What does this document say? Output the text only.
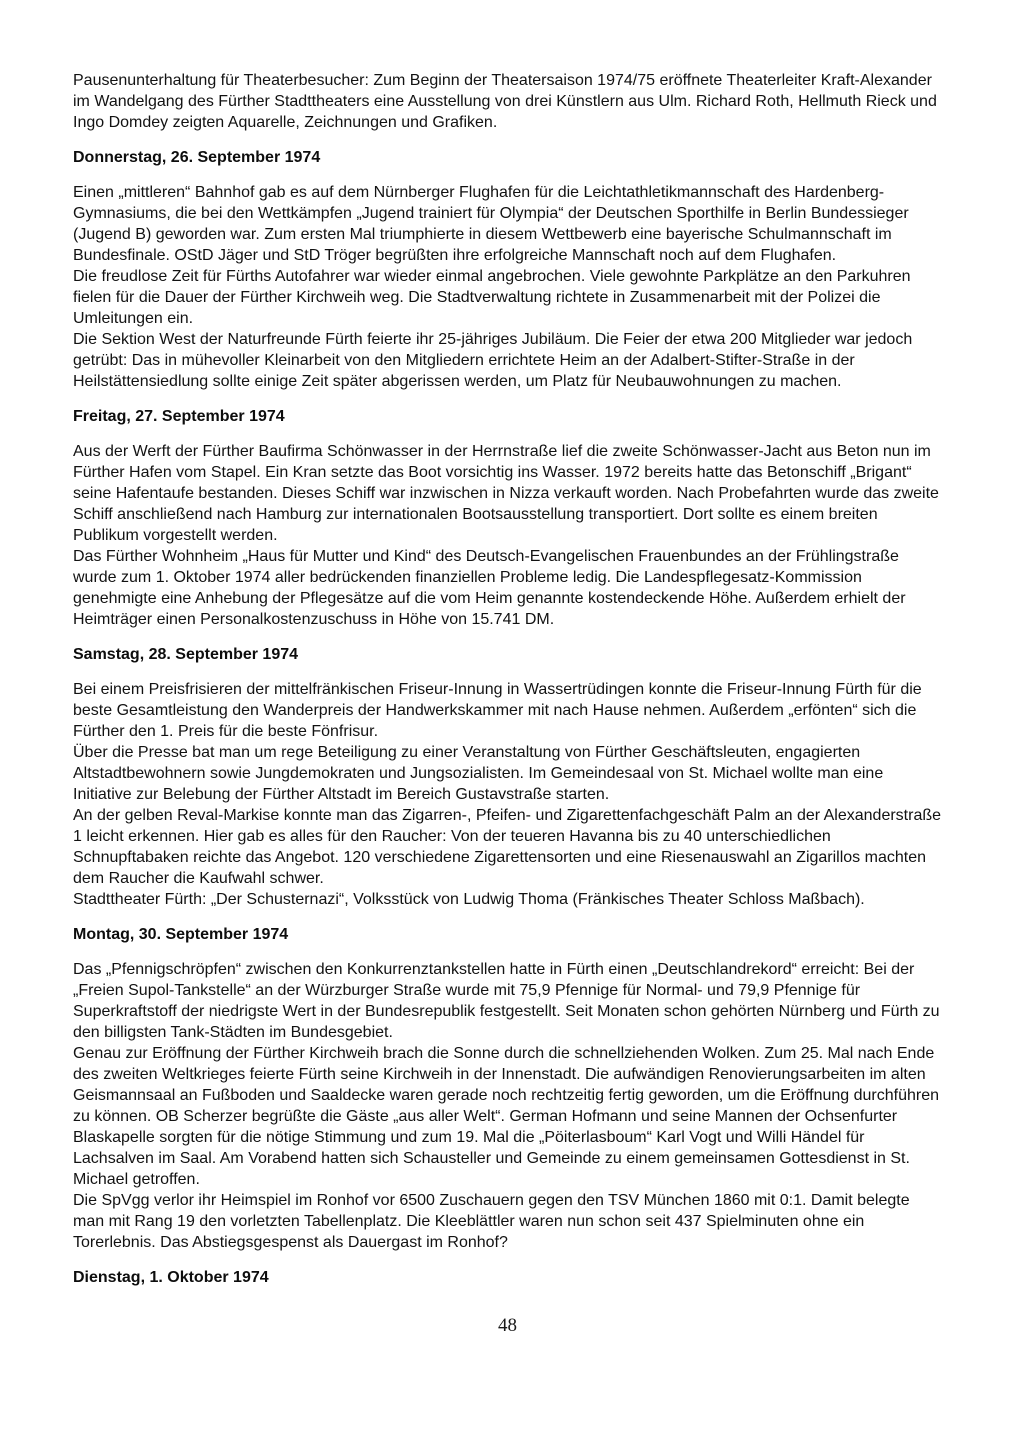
Pausenunterhaltung für Theaterbesucher: Zum Beginn der Theatersaison 1974/75 eröffnete Theaterleiter Kraft-Alexander im Wandelgang des Fürther Stadttheaters eine Ausstellung von drei Künstlern aus Ulm. Richard Roth, Hellmuth Rieck und Ingo Domdey zeigten Aquarelle, Zeichnungen und Grafiken.

Donnerstag, 26. September 1974

Einen „mittleren“ Bahnhof gab es auf dem Nürnberger Flughafen für die Leichtathletikmannschaft des Hardenberg-Gymnasiums, die bei den Wettkämpfen „Jugend trainiert für Olympia“ der Deutschen Sporthilfe in Berlin Bundessieger (Jugend B) geworden war. Zum ersten Mal triumphierte in diesem Wettbewerb eine bayerische Schulmannschaft im Bundesfinale. OStD Jäger und StD Tröger begrüßten ihre erfolgreiche Mannschaft noch auf dem Flughafen.

Die freudlose Zeit für Fürths Autofahrer war wieder einmal angebrochen. Viele gewohnte Parkplätze an den Parkuhren fielen für die Dauer der Fürther Kirchweih weg. Die Stadtverwaltung richtete in Zusammenarbeit mit der Polizei die Umleitungen ein.

Die Sektion West der Naturfreunde Fürth feierte ihr 25-jähriges Jubiläum. Die Feier der etwa 200 Mitglieder war jedoch getrübt: Das in mühevoller Kleinarbeit von den Mitgliedern errichtete Heim an der Adalbert-Stifter-Straße in der Heilstättensiedlung sollte einige Zeit später abgerissen werden, um Platz für Neubauwohnungen zu machen.

Freitag, 27. September 1974

Aus der Werft der Fürther Baufirma Schönwasser in der Herrnstraße lief die zweite Schönwasser-Jacht aus Beton nun im Fürther Hafen vom Stapel. Ein Kran setzte das Boot vorsichtig ins Wasser. 1972 bereits hatte das Betonschiff „Brigant“ seine Hafentaufe bestanden. Dieses Schiff war inzwischen in Nizza verkauft worden. Nach Probefahrten wurde das zweite Schiff anschließend nach Hamburg zur internationalen Bootsausstellung transportiert. Dort sollte es einem breiten Publikum vorgestellt werden.

Das Fürther Wohnheim „Haus für Mutter und Kind“ des Deutsch-Evangelischen Frauenbundes an der Frühlingstraße wurde zum 1. Oktober 1974 aller bedrückenden finanziellen Probleme ledig. Die Landespflegesatz-Kommission genehmigte eine Anhebung der Pflegesätze auf die vom Heim genannte kostendeckende Höhe. Außerdem erhielt der Heimträger einen Personalkostenzuschuss in Höhe von 15.741 DM.

Samstag, 28. September 1974

Bei einem Preisfrisieren der mittelfränkischen Friseur-Innung in Wassertrüdingen konnte die Friseur-Innung Fürth für die beste Gesamtleistung den Wanderpreis der Handwerkskammer mit nach Hause nehmen. Außerdem „erfönten“ sich die Fürther den 1. Preis für die beste Fönfrisur.

Über die Presse bat man um rege Beteiligung zu einer Veranstaltung von Fürther Geschäftsleuten, engagierten Altstadtbewohnern sowie Jungdemokraten und Jungsozialisten. Im Gemeindesaal von St. Michael wollte man eine Initiative zur Belebung der Fürther Altstadt im Bereich Gustavstraße starten.

An der gelben Reval-Markise konnte man das Zigarren-, Pfeifen- und Zigarettenfachgeschäft Palm an der Alexanderstraße 1 leicht erkennen. Hier gab es alles für den Raucher: Von der teueren Havanna bis zu 40 unterschiedlichen Schnupftabaken reichte das Angebot. 120 verschiedene Zigarettensorten und eine Riesenauswahl an Zigarillos machten dem Raucher die Kaufwahl schwer.

Stadttheater Fürth: „Der Schusternazi“, Volksstück von Ludwig Thoma (Fränkisches Theater Schloss Maßbach).

Montag, 30. September 1974

Das „Pfennigschröpfen“ zwischen den Konkurrenztankstellen hatte in Fürth einen „Deutschlandrekord“ erreicht: Bei der „Freien Supol-Tankstelle“ an der Würzburger Straße wurde mit 75,9 Pfennige für Normal- und 79,9 Pfennige für Superkraftstoff der niedrigste Wert in der Bundesrepublik festgestellt. Seit Monaten schon gehörten Nürnberg und Fürth zu den billigsten Tank-Städten im Bundesgebiet.

Genau zur Eröffnung der Fürther Kirchweih brach die Sonne durch die schnellziehenden Wolken. Zum 25. Mal nach Ende des zweiten Weltkrieges feierte Fürth seine Kirchweih in der Innenstadt. Die aufwändigen Renovierungsarbeiten im alten Geismannsaal an Fußboden und Saaldecke waren gerade noch rechtzeitig fertig geworden, um die Eröffnung durchführen zu können. OB Scherzer begrüßte die Gäste „aus aller Welt“. German Hofmann und seine Mannen der Ochsenfurter Blaskapelle sorgten für die nötige Stimmung und zum 19. Mal die „Pöiterlasboum“ Karl Vogt und Willi Händel für Lachsalven im Saal. Am Vorabend hatten sich Schausteller und Gemeinde zu einem gemeinsamen Gottesdienst in St. Michael getroffen.

Die SpVgg verlor ihr Heimspiel im Ronhof vor 6500 Zuschauern gegen den TSV München 1860 mit 0:1. Damit belegte man mit Rang 19 den vorletzten Tabellenplatz. Die Kleeblättler waren nun schon seit 437 Spielminuten ohne ein Torerlebnis. Das Abstiegsgespenst als Dauergast im Ronhof?

Dienstag, 1. Oktober 1974
48
